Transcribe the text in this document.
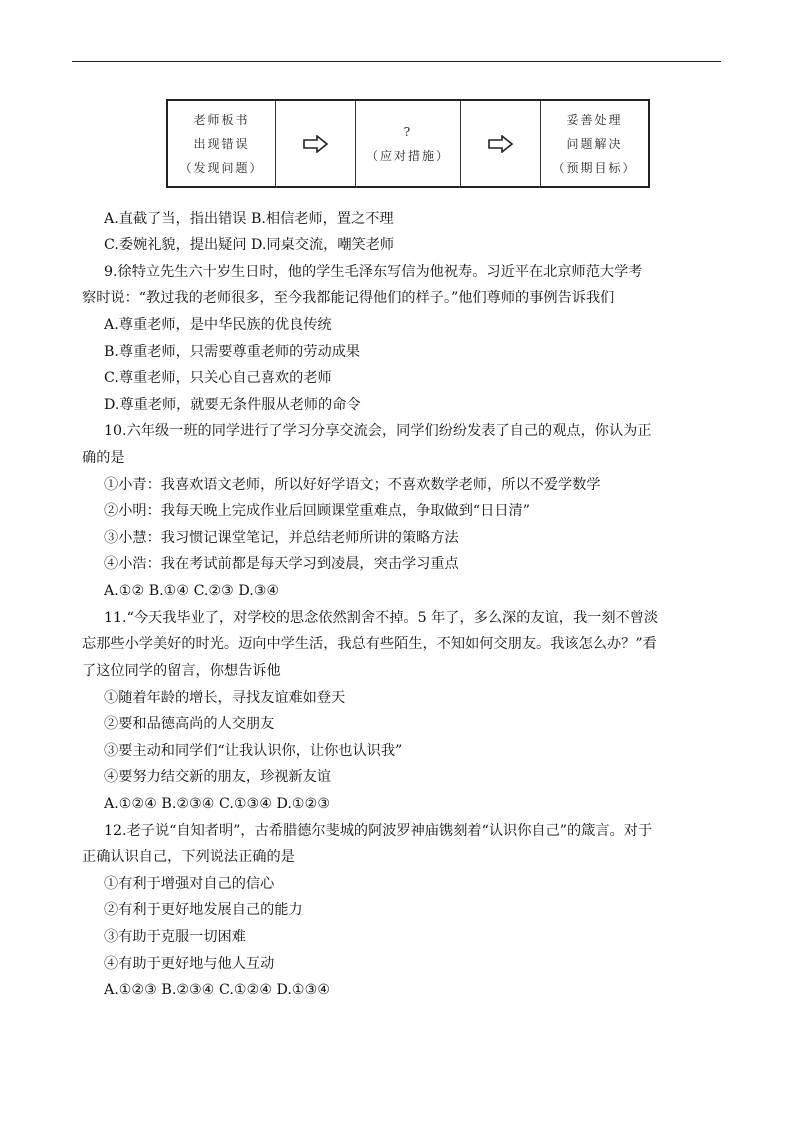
老师板书
出现错误
（发现问题）
?
（应对措施）
妥善处理
问题解决
（预期目标）
A.直截了当，指出错误 B.相信老师，置之不理
C.委婉礼貌，提出疑问 D.同桌交流，嘲笑老师
9.徐特立先生六十岁生日时，他的学生毛泽东写信为他祝寿。习近平在北京师范大学考
察时说：“教过我的老师很多，至今我都能记得他们的样子。”他们尊师的事例告诉我们
A.尊重老师，是中华民族的优良传统
B.尊重老师，只需要尊重老师的劳动成果
C.尊重老师，只关心自己喜欢的老师
D.尊重老师，就要无条件服从老师的命令
10.六年级一班的同学进行了学习分享交流会，同学们纷纷发表了自己的观点，你认为正
确的是
①小青：我喜欢语文老师，所以好好学语文；不喜欢数学老师，所以不爱学数学
②小明：我每天晚上完成作业后回顾课堂重难点，争取做到“日日清”
③小慧：我习惯记课堂笔记，并总结老师所讲的策略方法
④小浩：我在考试前都是每天学习到凌晨，突击学习重点
A.①② B.①④ C.②③ D.③④
11.“今天我毕业了，对学校的思念依然割舍不掉。5 年了，多么深的友谊，我一刻不曾淡
忘那些小学美好的时光。迈向中学生活，我总有些陌生，不知如何交朋友。我该怎么办？”看
了这位同学的留言，你想告诉他
①随着年龄的增长，寻找友谊难如登天
②要和品德高尚的人交朋友
③要主动和同学们“让我认识你，让你也认识我”
④要努力结交新的朋友，珍视新友谊
A.①②④ B.②③④ C.①③④ D.①②③
12.老子说“自知者明”，古希腊德尔斐城的阿波罗神庙镌刻着“认识你自己”的箴言。对于
正确认识自己，下列说法正确的是
①有利于增强对自己的信心
②有利于更好地发展自己的能力
③有助于克服一切困难
④有助于更好地与他人互动
A.①②③ B.②③④ C.①②④ D.①③④
